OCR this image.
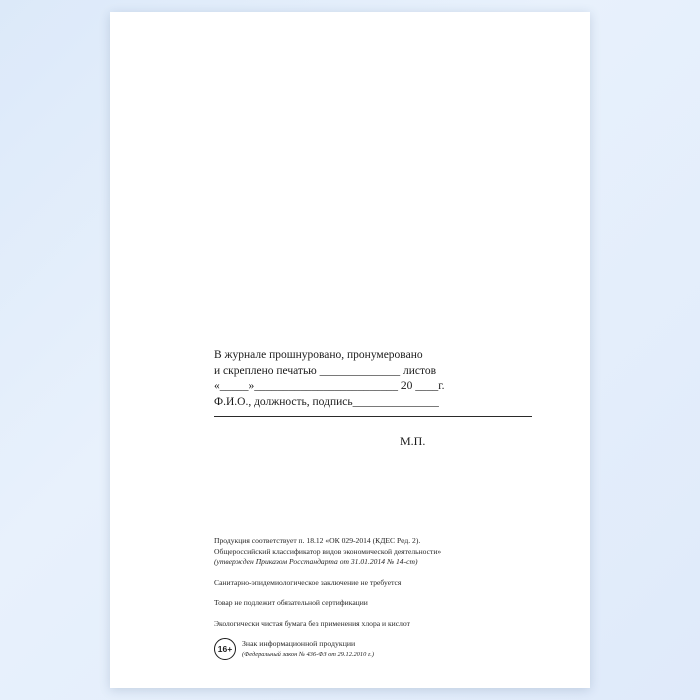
В журнале прошнуровано, пронумеровано
и скреплено печатью ______________ листов
«_____»_________________________ 20 ____г.
Ф.И.О., должность, подпись_______________
М.П.
Продукция соответствует п. 18.12 «ОК 029-2014 (КДЕС Ред. 2).
Общероссийский классификатор видов экономической деятельности»
(утвержден Приказом Росстандарта от 31.01.2014 № 14-ст)
Санитарно-эпидемиологическое заключение не требуется
Товар не подлежит обязательной сертификации
Экологически чистая бумага без применения хлора и кислот
16+
Знак информационной продукции
(Федеральный закон № 436-ФЗ от 29.12.2010 г.)
